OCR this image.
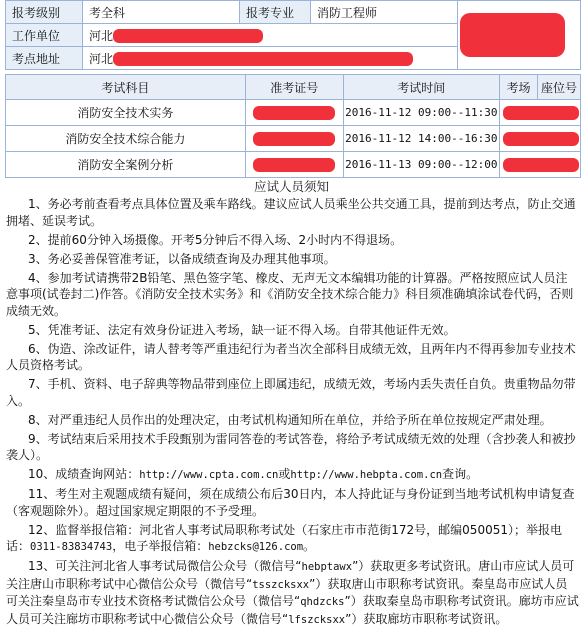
报考级别	考全科	报考专业	消防工程师	
工作单位	河北			
考点地址	河北			
考试科目	准考证号	考试时间	考场	座位号
消防安全技术实务		2016-11-12 09:00--11:30		
消防安全技术综合能力		2016-11-12 14:00--16:30		
消防安全案例分析		2016-11-13 09:00--12:00		
应试人员须知
1、务必考前查看考点具体位置及乘车路线。建议应试人员乘坐公共交通工具，提前到达考点，防止交通拥堵、延误考试。
2、提前60分钟入场摄像。开考5分钟后不得入场、2小时内不得退场。
3、务必妥善保管准考证，以备成绩查询及办理其他事项。
4、参加考试请携带2B铅笔、黑色签字笔、橡皮、无声无文本编辑功能的计算器。严格按照应试人员注意事项(试卷封二)作答。《消防安全技术实务》和《消防安全技术综合能力》科目须准确填涂试卷代码，否则成绩无效。
5、凭准考证、法定有效身份证进入考场，缺一证不得入场。自带其他证件无效。
6、伪造、涂改证件，请人替考等严重违纪行为者当次全部科目成绩无效，且两年内不得再参加专业技术人员资格考试。
7、手机、资料、电子辞典等物品带到座位上即属违纪，成绩无效，考场内丢失责任自负。贵重物品勿带入。
8、对严重违纪人员作出的处理决定，由考试机构通知所在单位，并给予所在单位按规定严肃处理。
9、考试结束后采用技术手段甄别为雷同答卷的考试答卷，将给予考试成绩无效的处理（含抄袭人和被抄袭人）。
10、成绩查询网站：http://www.cpta.com.cn或http://www.hebpta.com.cn查询。
11、考生对主观题成绩有疑问，须在成绩公布后30日内，本人持此证与身份证到当地考试机构申请复查（客观题除外）。超过国家规定期限的不予受理。
12、监督举报信箱：河北省人事考试局职称考试处（石家庄市市范街172号，邮编050051）；举报电话：0311-83834743，电子举报信箱：hebzcks@126.com。
13、可关注河北省人事考试局微信公众号（微信号“hebptawx”）获取更多考试资讯。唐山市应试人员可关注唐山市职称考试中心微信公众号（微信号“tsszcksxx”）获取唐山市职称考试资讯。秦皇岛市应试人员可关注秦皇岛市专业技术资格考试微信公众号（微信号“qhdzcks”）获取秦皇岛市职称考试资讯。廊坊市应试人员可关注廊坊市职称考试中心微信公众号（微信号“lfszcksxx”）获取廊坊市职称考试资讯。
